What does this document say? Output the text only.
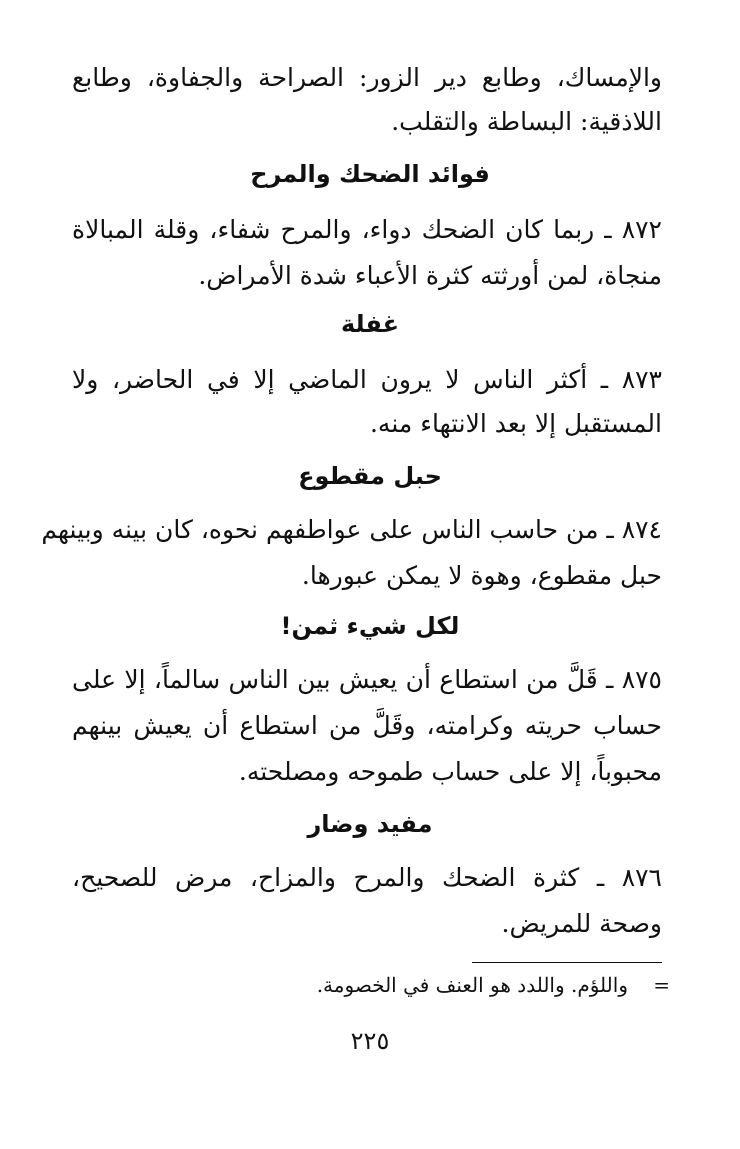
والإمساك، وطابع دير الزور: الصراحة والجفاوة، وطابع
اللاذقية: البساطة والتقلب.
فوائد الضحك والمرح
٨٧٢ ـ ربما كان الضحك دواء، والمرح شفاء، وقلة المبالاة
منجاة، لمن أورثته كثرة الأعباء شدة الأمراض.
غفلة
٨٧٣ ـ أكثر الناس لا يرون الماضي إلا في الحاضر، ولا
المستقبل إلا بعد الانتهاء منه.
حبل مقطوع
٨٧٤ ـ من حاسب الناس على عواطفهم نحوه، كان بينه وبينهم
حبل مقطوع، وهوة لا يمكن عبورها.
لكل شيء ثمن!
٨٧٥ ـ قَلَّ من استطاع أن يعيش بين الناس سالماً، إلا على
حساب حريته وكرامته، وقَلَّ من استطاع أن يعيش بينهم
محبوباً، إلا على حساب طموحه ومصلحته.
مفيد وضار
٨٧٦ ـ كثرة الضحك والمرح والمزاح، مرض للصحيح،
وصحة للمريض.
=
واللؤم. واللدد هو العنف في الخصومة.
٢٢٥
